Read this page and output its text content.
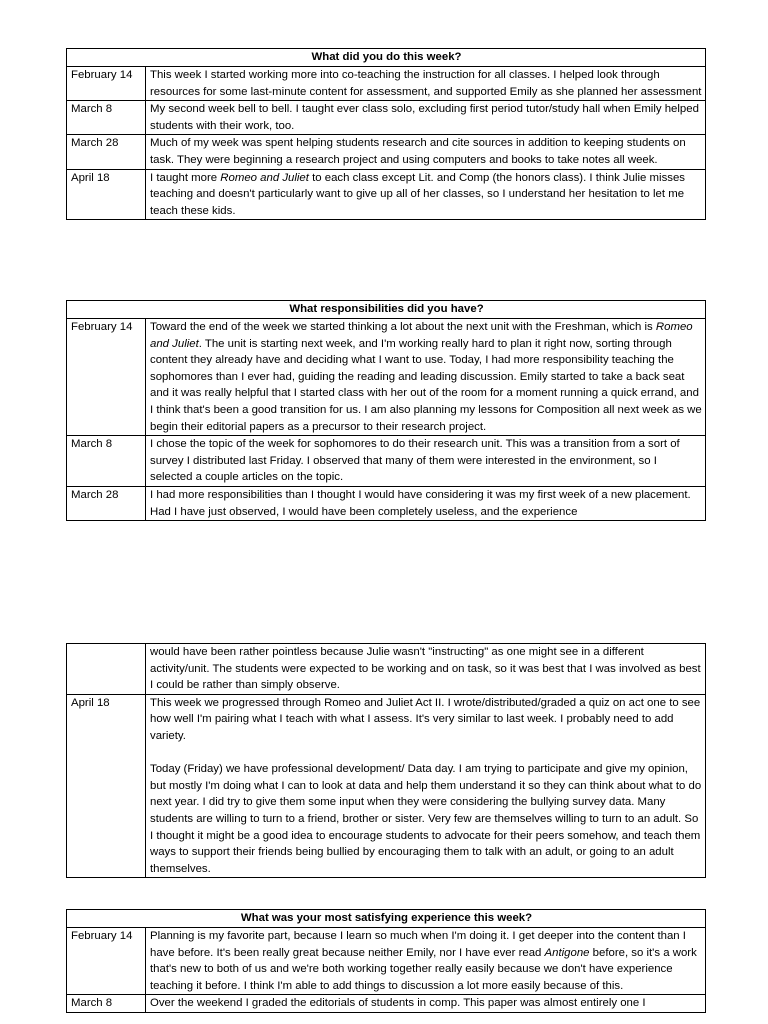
What did you do this week?	
February 14	This week I started working more into co-teaching the instruction for all classes. I helped look through resources for some last-minute content for assessment, and supported Emily as she planned her assessment

March 8	My second week bell to bell. I taught ever class solo, excluding first period tutor/study hall when Emily helped students with their work, too.

March 28	Much of my week was spent helping students research and cite sources in addition to keeping students on task. They were beginning a research project and using computers and books to take notes all week.

April 18	I taught more Romeo and Juliet to each class except Lit. and Comp (the honors class). I think Julie misses teaching and doesn't particularly want to give up all of her classes, so I understand her hesitation to let me teach these kids.

What responsibilities did you have?	
February 14	Toward the end of the week we started thinking a lot about the next unit with the Freshman, which is Romeo and Juliet. The unit is starting next week, and I'm working really hard to plan it right now, sorting through content they already have and deciding what I want to use. Today, I had more responsibility teaching the sophomores than I ever had, guiding the reading and leading discussion. Emily started to take a back seat and it was really helpful that I started class with her out of the room for a moment running a quick errand, and I think that's been a good transition for us. I am also planning my lessons for Composition all next week as we begin their editorial papers as a precursor to their research project.

March 8	I chose the topic of the week for sophomores to do their research unit. This was a transition from a sort of survey I distributed last Friday. I observed that many of them were interested in the environment, so I selected a couple articles on the topic.

March 28	I had more responsibilities than I thought I would have considering it was my first week of a new placement. Had I have just observed, I would have been completely useless, and the experience

	would have been rather pointless because Julie wasn't "instructing" as one might see in a different activity/unit. The students were expected to be working and on task, so it was best that I was involved as best I could be rather than simply observe.

April 18	This week we progressed through Romeo and Juliet Act II. I wrote/distributed/graded a quiz on act one to see how well I'm pairing what I teach with what I assess. It's very similar to last week. I probably need to add variety.

Today (Friday) we have professional development/ Data day. I am trying to participate and give my opinion, but mostly I'm doing what I can to look at data and help them understand it so they can think about what to do next year. I did try to give them some input when they were considering the bullying survey data. Many students are willing to turn to a friend, brother or sister. Very few are themselves willing to turn to an adult. So I thought it might be a good idea to encourage students to advocate for their peers somehow, and teach them ways to support their friends being bullied by encouraging them to talk with an adult, or going to an adult themselves.

What was your most satisfying experience this week?	
February 14	Planning is my favorite part, because I learn so much when I'm doing it. I get deeper into the content than I have before. It's been really great because neither Emily, nor I have ever read Antigone before, so it's a work that's new to both of us and we're both working together really easily because we don't have experience teaching it before. I think I'm able to add things to discussion a lot more easily because of this.

March 8	Over the weekend I graded the editorials of students in comp. This paper was almost entirely one I
